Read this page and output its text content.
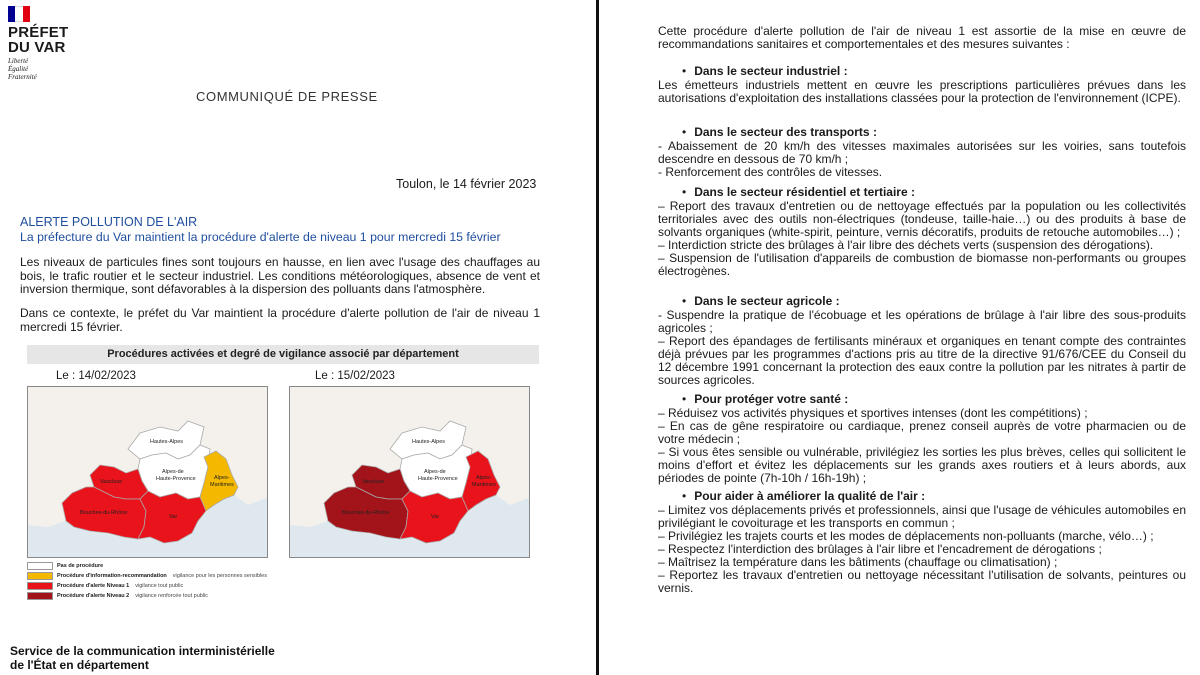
PRÉFET
DU VAR
Liberté
Égalité
Fraternité
COMMUNIQUÉ DE PRESSE
Toulon, le 14 février 2023
ALERTE POLLUTION DE L'AIR
La préfecture du Var maintient la procédure d'alerte de niveau 1 pour mercredi 15 février

Les niveaux de particules fines sont toujours en hausse, en lien avec l'usage des chauffages au bois, le trafic routier et le secteur industriel. Les conditions météorologiques, absence de vent et inversion thermique, sont défavorables à la dispersion des polluants dans l'atmosphère.

Dans ce contexte, le préfet du Var maintient la procédure d'alerte pollution de l'air de niveau 1 mercredi 15 février.

Procédures activées et degré de vigilance associé par département
Le : 14/02/2023	Le : 15/02/2023
Hautes-Alpes
Alpes-de
Haute-Provence	Alpes-
Maritimes
Vaucluse
Bouches-du-Rhône
Var
Hautes-Alpes
Alpes-de
Haute-Provence	Alpes-
Maritimes
Vaucluse
Bouches-du-Rhône
Var
Pas de procédure
Procédure d'information-recommandation vigilance pour les personnes sensibles
Procédure d'alerte Niveau 1 vigilance tout public
Procédure d'alerte Niveau 2 vigilance renforcée tout public
Service de la communication interministérielle
de l'État en département

Cette procédure d'alerte pollution de l'air de niveau 1 est assortie de la mise en œuvre de recommandations sanitaires et comportementales et des mesures suivantes :

• Dans le secteur industriel :

Les émetteurs industriels mettent en œuvre les prescriptions particulières prévues dans les autorisations d'exploitation des installations classées pour la protection de l'environnement (ICPE).

• Dans le secteur des transports :

- Abaissement de 20 km/h des vitesses maximales autorisées sur les voiries, sans toutefois descendre en dessous de 70 km/h ;

- Renforcement des contrôles de vitesses.

• Dans le secteur résidentiel et tertiaire :

– Report des travaux d'entretien ou de nettoyage effectués par la population ou les collectivités territoriales avec des outils non-électriques (tondeuse, taille-haie…) ou des produits à base de solvants organiques (white-spirit, peinture, vernis décoratifs, produits de retouche automobiles…) ;

– Interdiction stricte des brûlages à l'air libre des déchets verts (suspension des dérogations).

– Suspension de l'utilisation d'appareils de combustion de biomasse non-performants ou groupes électrogènes.

• Dans le secteur agricole :

- Suspendre la pratique de l'écobuage et les opérations de brûlage à l'air libre des sous-produits agricoles ;

– Report des épandages de fertilisants minéraux et organiques en tenant compte des contraintes déjà prévues par les programmes d'actions pris au titre de la directive 91/676/CEE du Conseil du 12 décembre 1991 concernant la protection des eaux contre la pollution par les nitrates à partir de sources agricoles.

• Pour protéger votre santé :

– Réduisez vos activités physiques et sportives intenses (dont les compétitions) ;

– En cas de gêne respiratoire ou cardiaque, prenez conseil auprès de votre pharmacien ou de votre médecin ;

– Si vous êtes sensible ou vulnérable, privilégiez les sorties les plus brèves, celles qui sollicitent le moins d'effort et évitez les déplacements sur les grands axes routiers et à leurs abords, aux périodes de pointe (7h-10h / 16h-19h) ;

• Pour aider à améliorer la qualité de l'air :

– Limitez vos déplacements privés et professionnels, ainsi que l'usage de véhicules automobiles en privilégiant le covoiturage et les transports en commun ;

– Privilégiez les trajets courts et les modes de déplacements non-polluants (marche, vélo…) ;

– Respectez l'interdiction des brûlages à l'air libre et l'encadrement de dérogations ;

– Maîtrisez la température dans les bâtiments (chauffage ou climatisation) ;

– Reportez les travaux d'entretien ou nettoyage nécessitant l'utilisation de solvants, peintures ou vernis.
